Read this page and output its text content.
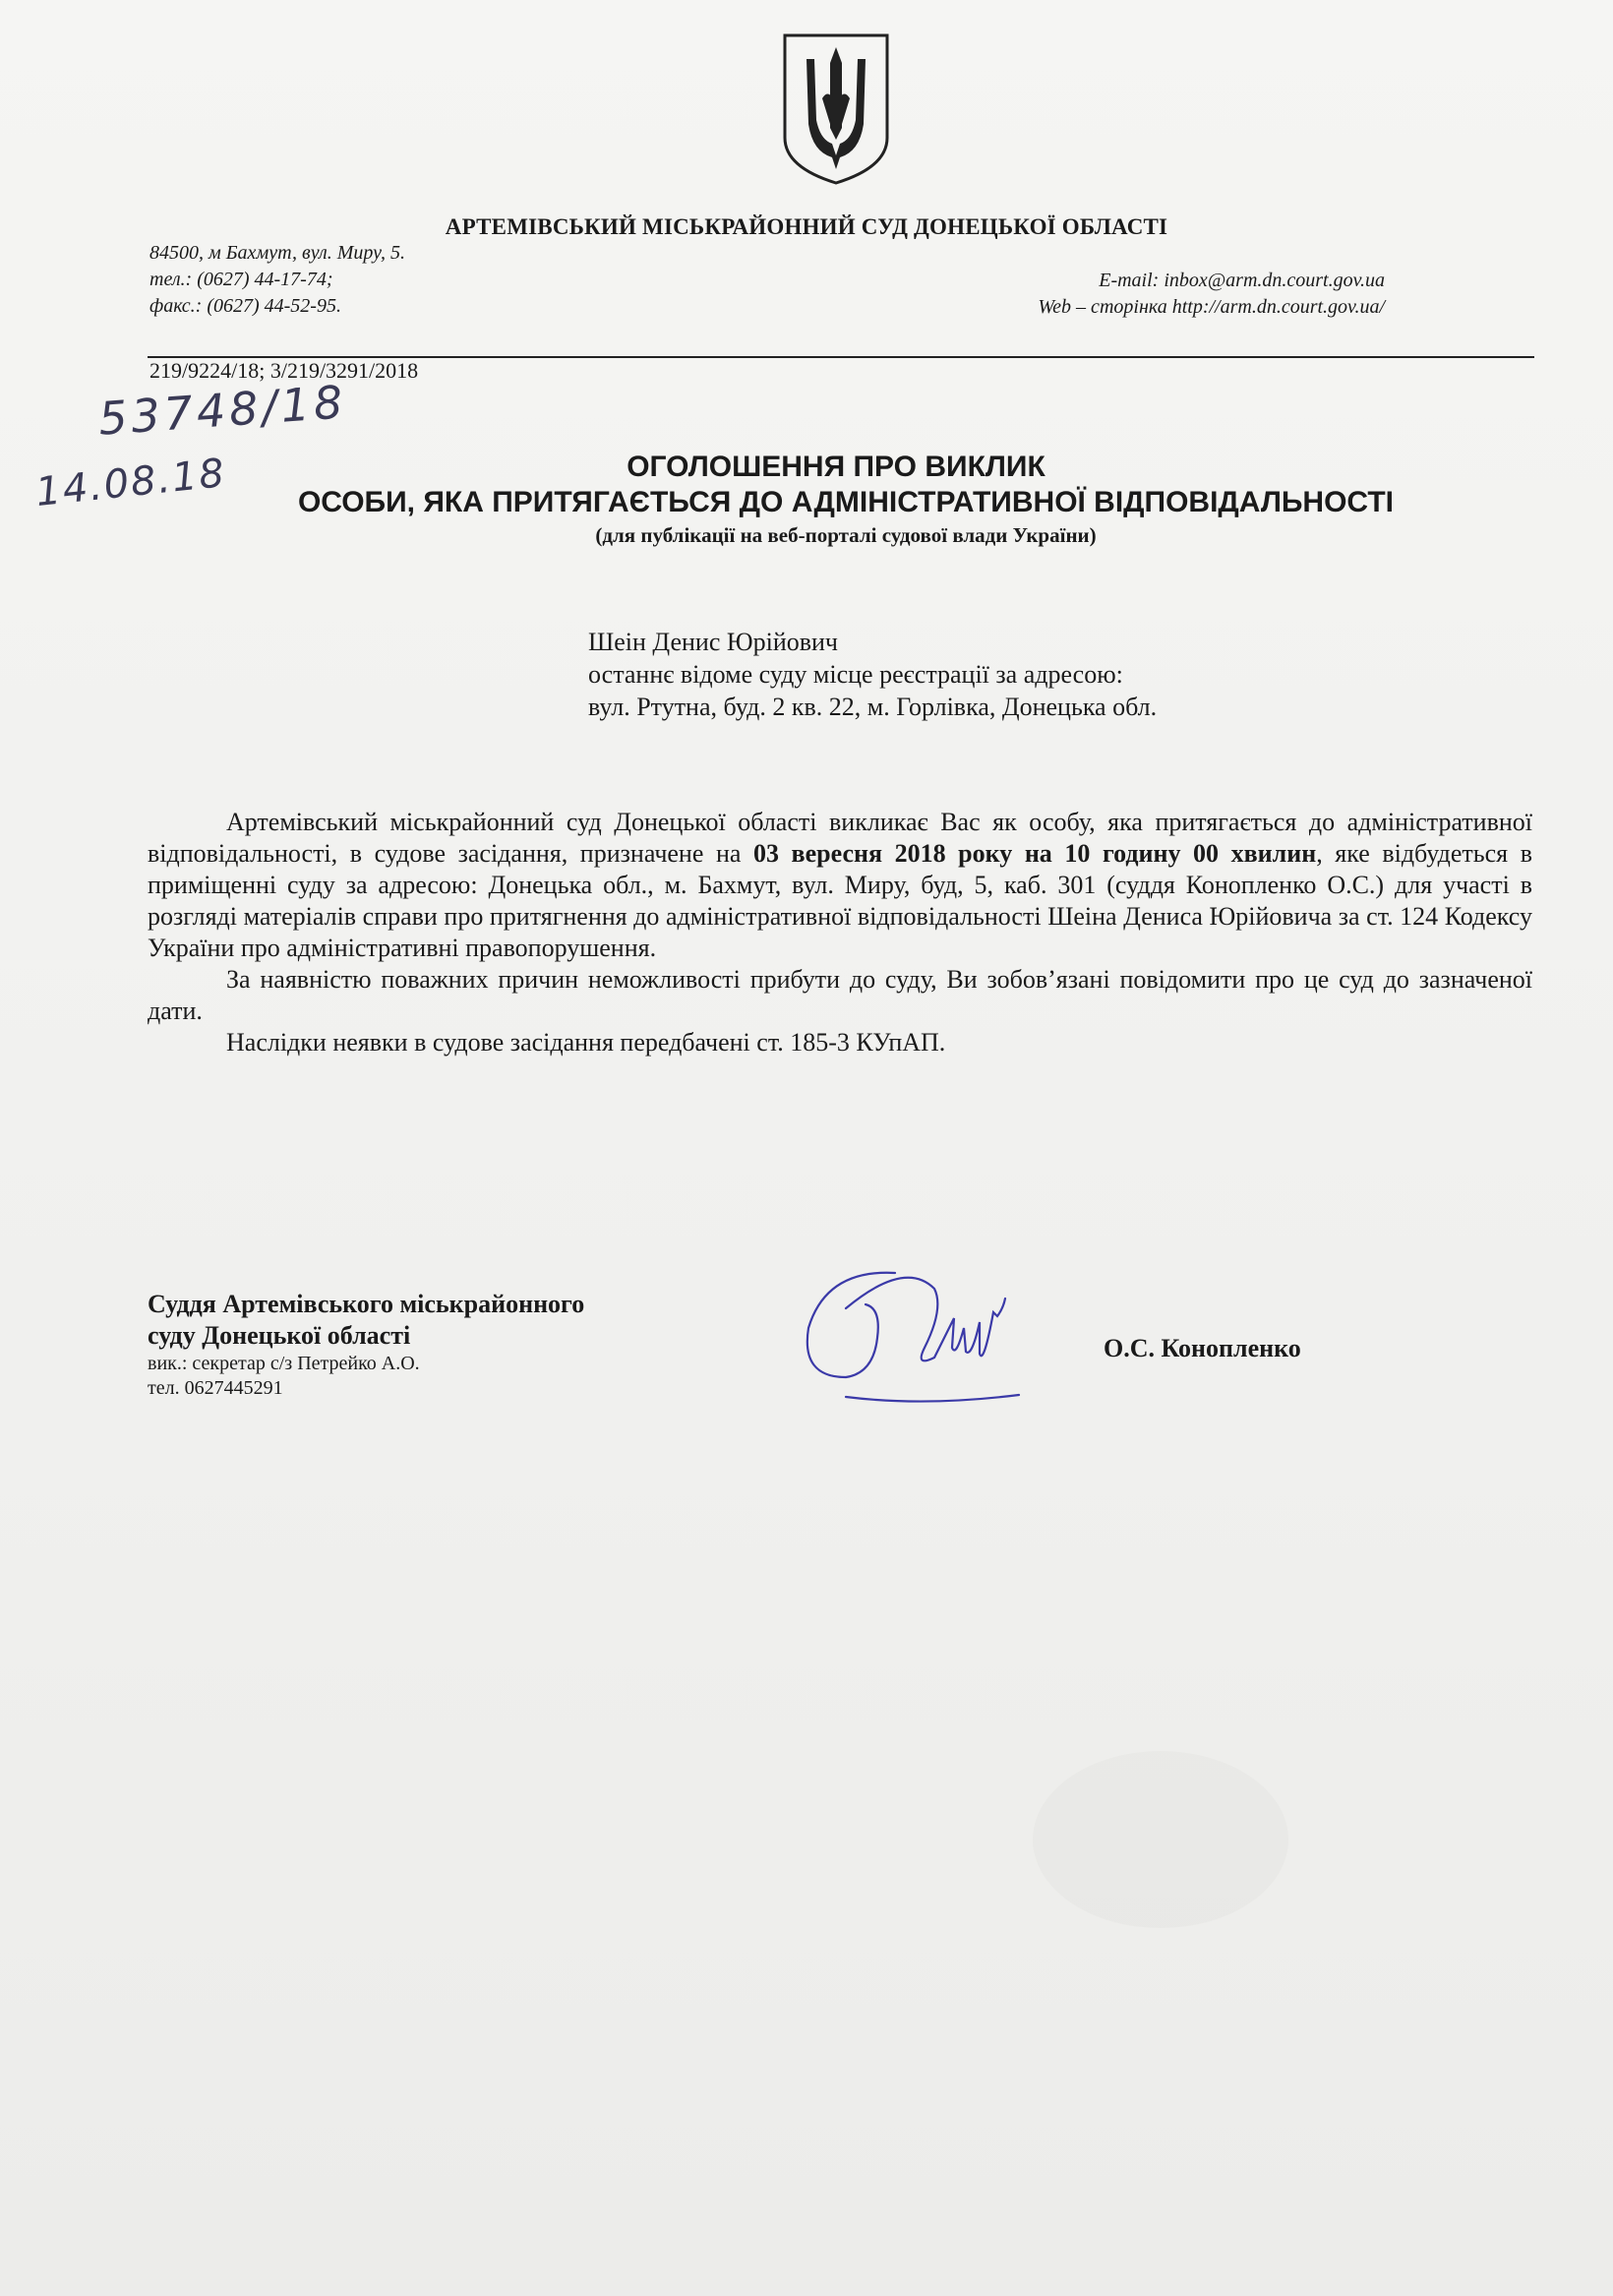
АРТЕМІВСЬКИЙ МІСЬКРАЙОННИЙ СУД ДОНЕЦЬКОЇ ОБЛАСТІ
84500, м Бахмут, вул. Миру, 5.
тел.: (0627) 44-17-74;
факс.: (0627) 44-52-95.
E-mail: inbox@arm.dn.court.gov.ua
Web – сторінка http://arm.dn.court.gov.ua/
219/9224/18; 3/219/3291/2018
53748/18
14.08.18	ОГОЛОШЕННЯ ПРО ВИКЛИК
ОСОБИ, ЯКА ПРИТЯГАЄТЬСЯ ДО АДМІНІСТРАТИВНОЇ ВІДПОВІДАЛЬНОСТІ
(для публікації на веб-порталі судової влади України)
Шеін Денис Юрійович
останнє відоме суду місце реєстрації за адресою:
вул. Ртутна, буд. 2 кв. 22, м. Горлівка, Донецька обл.

Артемівський міськрайонний суд Донецької області викликає Вас як особу, яка притягається до адміністративної відповідальності, в судове засідання, призначене на 03 вересня 2018 року на 10 годину 00 хвилин, яке відбудеться в приміщенні суду за адресою: Донецька обл., м. Бахмут, вул. Миру, буд, 5, каб. 301 (суддя Конопленко О.С.) для участі в розгляді матеріалів справи про притягнення до адміністративної відповідальності Шеіна Дениса Юрійовича за ст. 124 Кодексу України про адміністративні правопорушення.

За наявністю поважних причин неможливості прибути до суду, Ви зобов’язані повідомити про це суд до зазначеної дати.

Наслідки неявки в судове засідання передбачені ст. 185-3 КУпАП.

Суддя Артемівського міськрайонного
суду Донецької області
вик.: секретар с/з Петрейко А.О.
тел. 0627445291
О.С. Конопленко
